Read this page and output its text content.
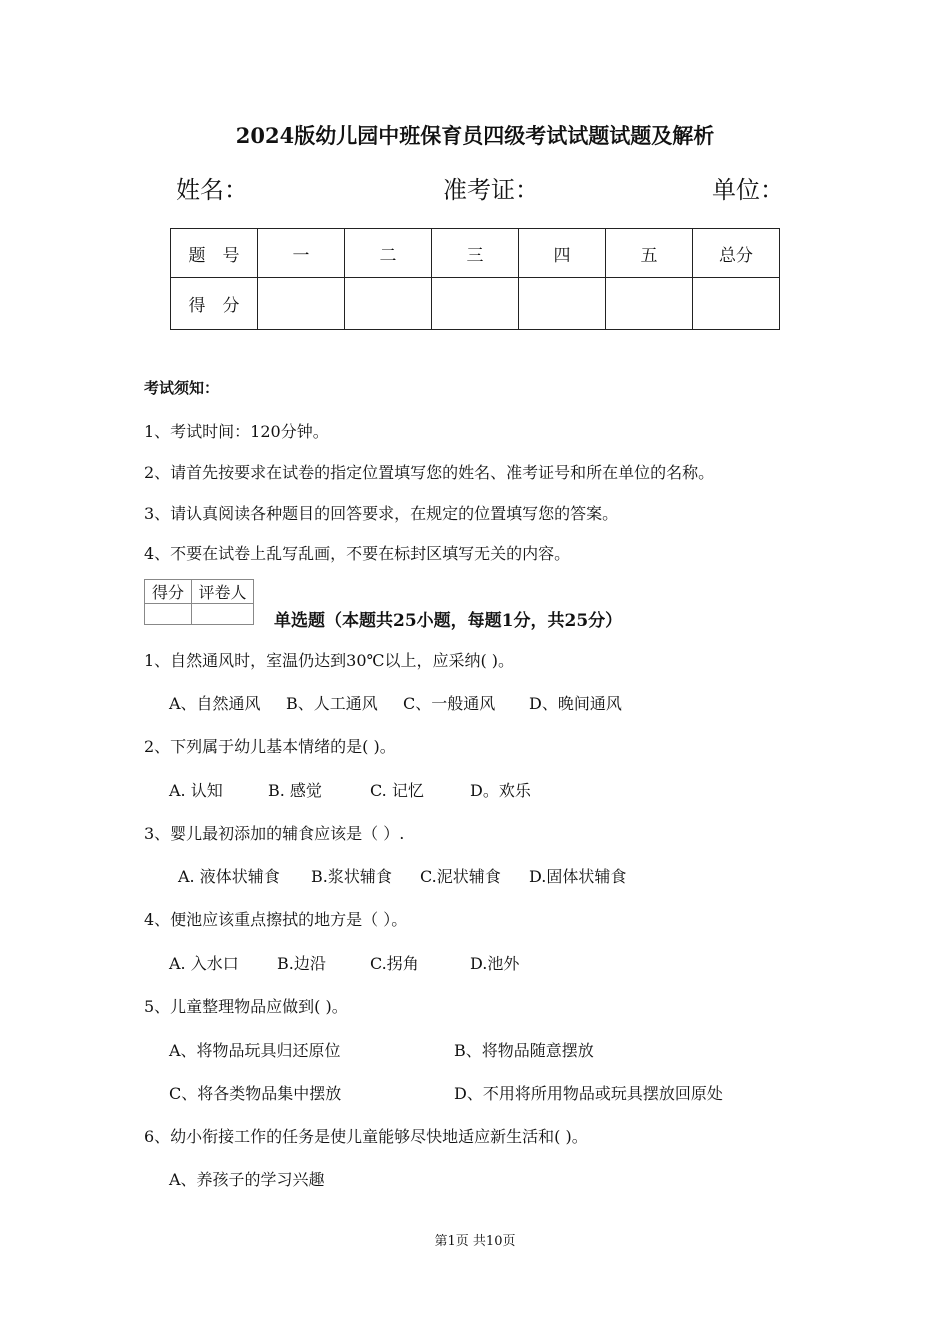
2024版幼儿园中班保育员四级考试试题试题及解析
姓名：	准考证：	单位：
题　号	一	二	三	四	五	总分
得　分						
考试须知：
1、考试时间：120分钟。
2、请首先按要求在试卷的指定位置填写您的姓名、准考证号和所在单位的名称。
3、请认真阅读各种题目的回答要求，在规定的位置填写您的答案。
4、不要在试卷上乱写乱画，不要在标封区填写无关的内容。
得分	评卷人

单选题（本题共25小题，每题1分，共25分）
1、自然通风时，室温仍达到30℃以上，应采纳( )。
A、自然通风 B、人工通风 C、一般通风 D、晚间通风
2、下列属于幼儿基本情绪的是( )。
A. 认知	B. 感觉	C. 记忆	D。欢乐
3、婴儿最初添加的辅食应该是（ ）.
A. 液体状辅食 B.浆状辅食 C.泥状辅食 D.固体状辅食
4、便池应该重点擦拭的地方是（ ）。
A. 入水口 B.边沿	C.拐角	D.池外
5、儿童整理物品应做到( )。
A、将物品玩具归还原位	B、将物品随意摆放
C、将各类物品集中摆放	D、不用将所用物品或玩具摆放回原处
6、幼小衔接工作的任务是使儿童能够尽快地适应新生活和( )。
A、养孩子的学习兴趣
第1页 共10页
